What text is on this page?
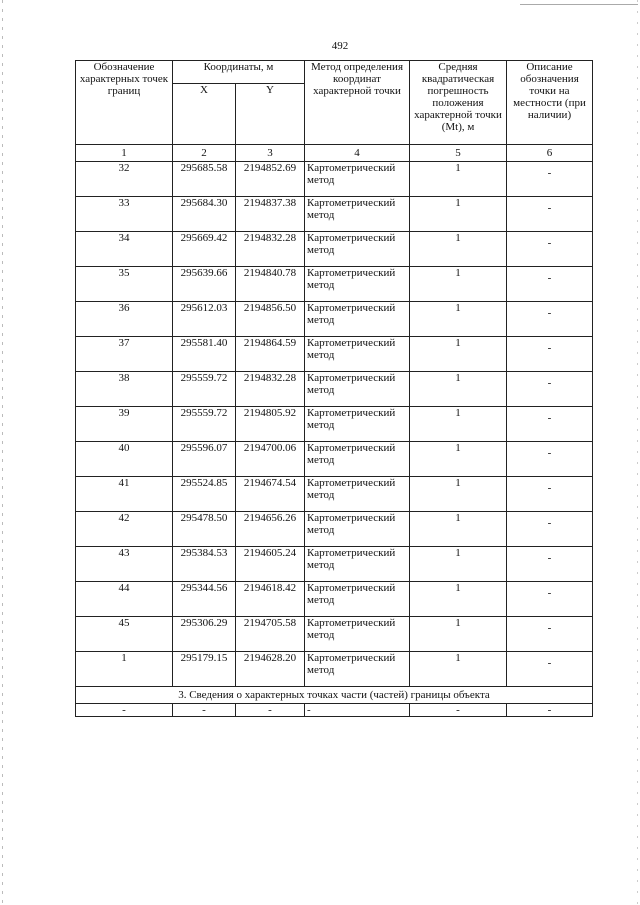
492
Обозначение характерных точек границ	Координаты, м		Метод определения координат характерной точки	Средняя квадратическая погрешность положения характерной точки (Mt), м	Описание обозначения точки на местности (при наличии)
	X	Y			
1	2	3	4	5	6
32	295685.58	2194852.69	Картометрический метод	1	-
33	295684.30	2194837.38	Картометрический метод	1	-
34	295669.42	2194832.28	Картометрический метод	1	-
35	295639.66	2194840.78	Картометрический метод	1	-
36	295612.03	2194856.50	Картометрический метод	1	-
37	295581.40	2194864.59	Картометрический метод	1	-
38	295559.72	2194832.28	Картометрический метод	1	-
39	295559.72	2194805.92	Картометрический метод	1	-
40	295596.07	2194700.06	Картометрический метод	1	-
41	295524.85	2194674.54	Картометрический метод	1	-
42	295478.50	2194656.26	Картометрический метод	1	-
43	295384.53	2194605.24	Картометрический метод	1	-
44	295344.56	2194618.42	Картометрический метод	1	-
45	295306.29	2194705.58	Картометрический метод	1	-
1	295179.15	2194628.20	Картометрический метод	1	-
3. Сведения о характерных точках части (частей) границы объекта					
-	-	-	-	-	-
